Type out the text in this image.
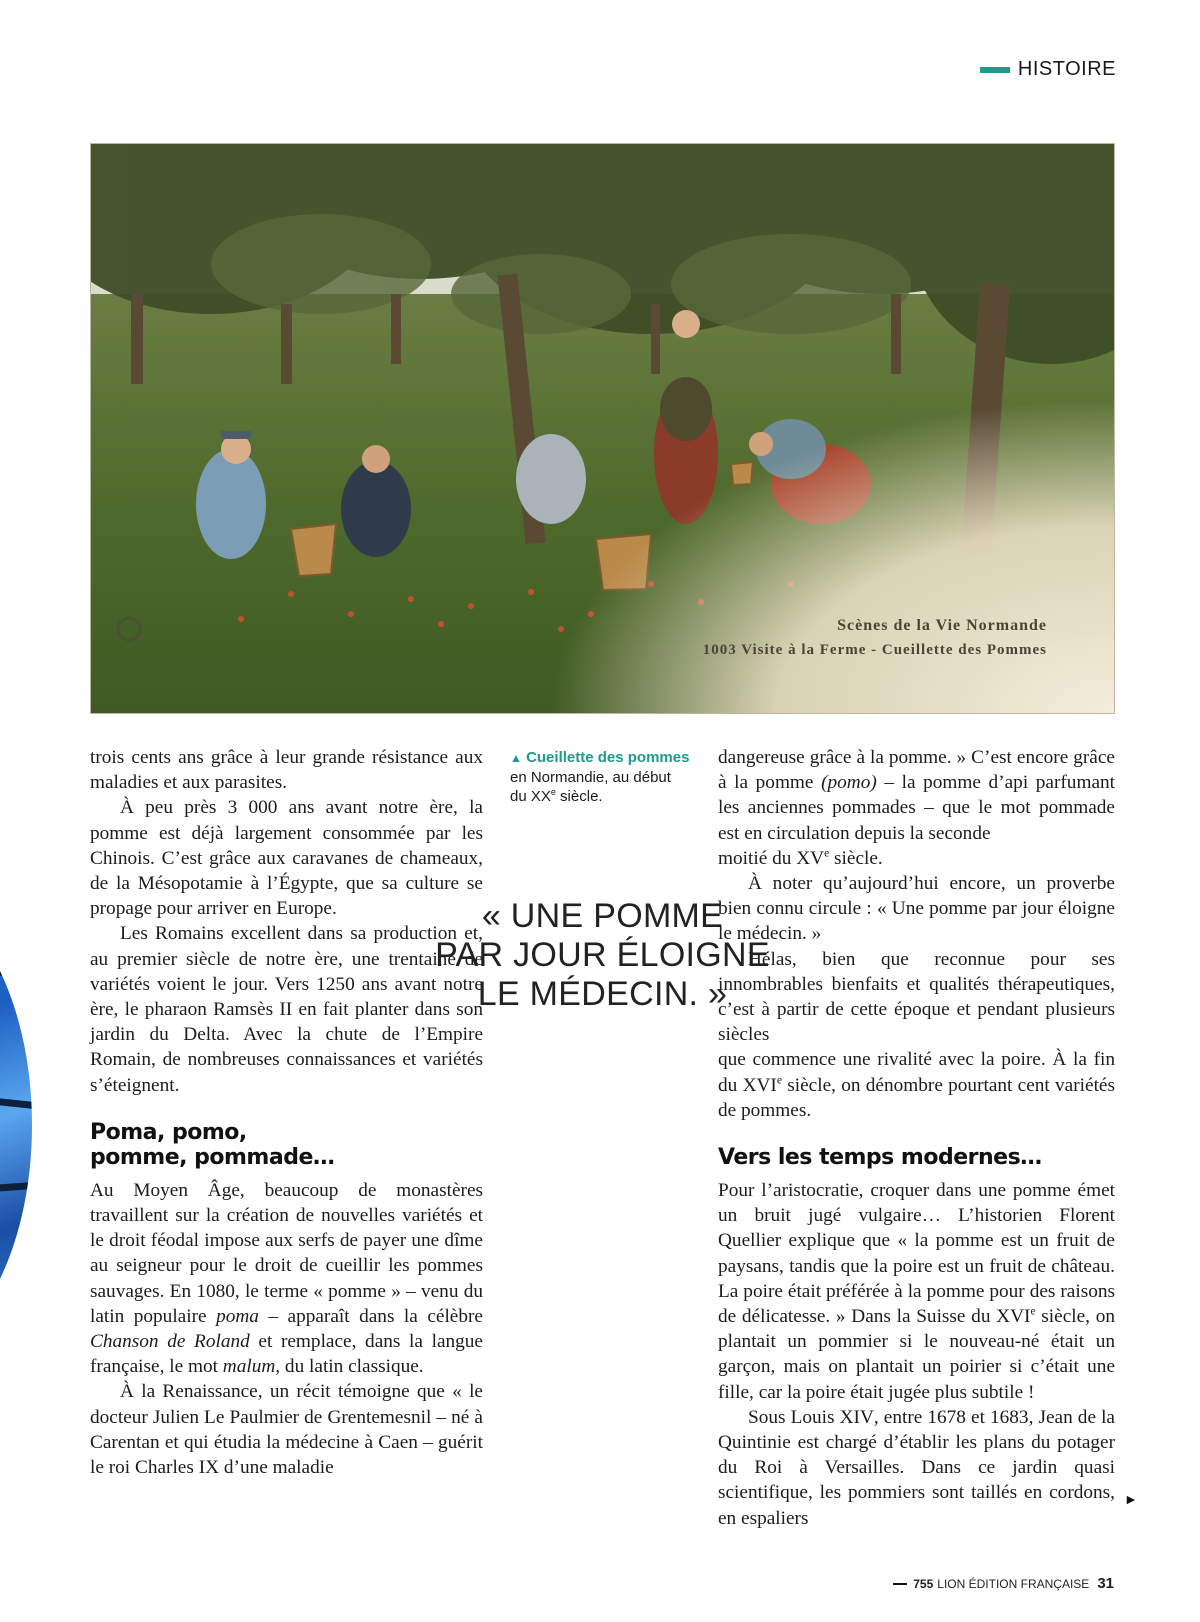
HISTOIRE
Scènes de la Vie Normande
1003 Visite à la Ferme - Cueillette des Pommes

trois cents ans grâce à leur grande résistance aux maladies et aux parasites.

À peu près 3 000 ans avant notre ère, la pomme est déjà largement consommée par les Chinois. C’est grâce aux caravanes de chameaux, de la Mésopotamie à l’Égypte, que sa culture se propage pour arriver en Europe.

Les Romains excellent dans sa production et, au premier siècle de notre ère, une trentaine de variétés voient le jour. Vers 1250 ans avant notre ère, le pharaon Ramsès II en fait planter dans son jardin du Delta. Avec la chute de l’Empire Romain, de nombreuses connaissances et variétés s’éteignent.

Poma, pomo,
pomme, pommade…

Au Moyen Âge, beaucoup de monastères travaillent sur la création de nouvelles variétés et le droit féodal impose aux serfs de payer une dîme au seigneur pour le droit de cueillir les pommes sauvages. En 1080, le terme « pomme » – venu du latin populaire poma – apparaît dans la célèbre Chanson de Roland et remplace, dans la langue française, le mot malum, du latin classique.

À la Renaissance, un récit témoigne que « le docteur Julien Le Paulmier de Grentemesnil – né à Carentan et qui étudia la médecine à Caen – guérit le roi Charles IX d’une maladie

▲ Cueillette des pommes
en Normandie, au début
du XXe siècle.
« UNE POMME
PAR JOUR ÉLOIGNE
LE MÉDECIN. »

dangereuse grâce à la pomme. » C’est encore grâce à la pomme (pomo) – la pomme d’api parfumant les anciennes pommades – que le mot pommade est en circulation depuis la seconde

moitié du XVe siècle.

À noter qu’aujourd’hui encore, un proverbe bien connu circule : « Une pomme par jour éloigne le médecin. »

Hélas, bien que reconnue pour ses innombrables bienfaits et qualités thérapeutiques, c’est à partir de cette époque et pendant plusieurs siècles

que commence une rivalité avec la poire. À la fin du XVIe siècle, on dénombre pourtant cent variétés de pommes.

Vers les temps modernes…

Pour l’aristocratie, croquer dans une pomme émet un bruit jugé vulgaire… L’historien Florent Quellier explique que « la pomme est un fruit de paysans, tandis que la poire est un fruit de château. La poire était préférée à la pomme pour des raisons de délicatesse. » Dans la Suisse du XVIe siècle, on plantait un pommier si le nouveau-né était un garçon, mais on plantait un poirier si c’était une fille, car la poire était jugée plus subtile !

Sous Louis XIV, entre 1678 et 1683, Jean de la Quintinie est chargé d’établir les plans du potager du Roi à Versailles. Dans ce jardin quasi scientifique, les pommiers sont taillés en cordons, en espaliers

►
755 LION ÉDITION FRANÇAISE 31
